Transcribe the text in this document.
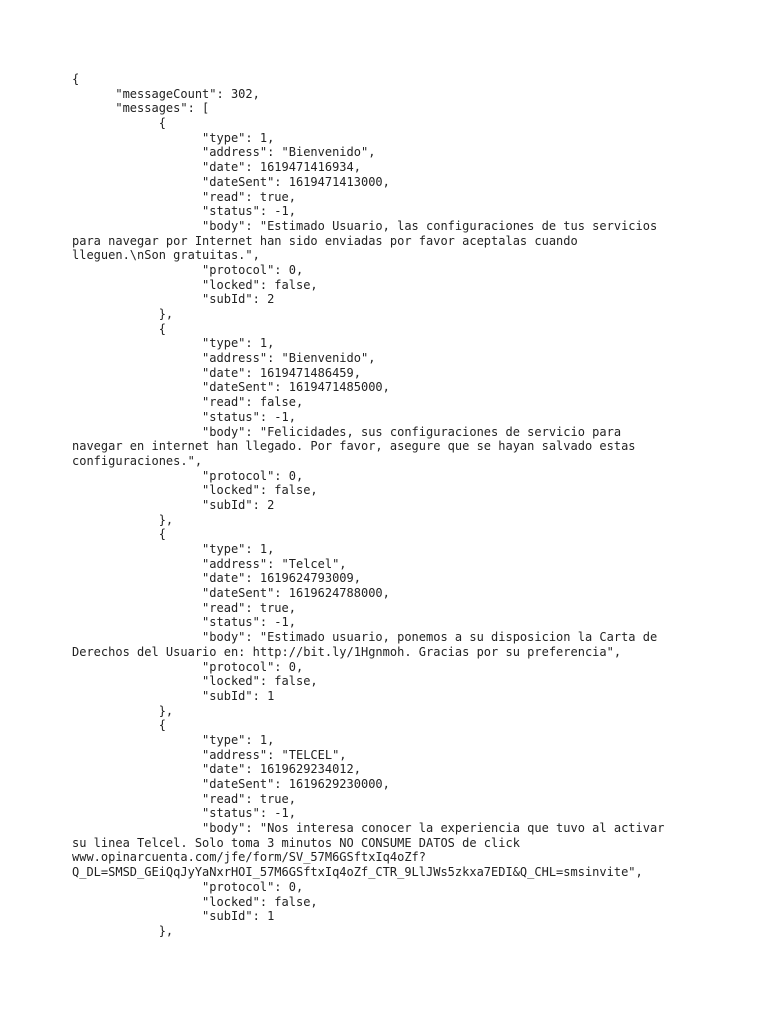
{
"messageCount": 302,
"messages": [
{
"type": 1,
"address": "Bienvenido",
"date": 1619471416934,
"dateSent": 1619471413000,
"read": true,
"status": -1,
"body": "Estimado Usuario, las configuraciones de tus servicios
para navegar por Internet han sido enviadas por favor aceptalas cuando
lleguen.\nSon gratuitas.",
"protocol": 0,
"locked": false,
"subId": 2
},
{
"type": 1,
"address": "Bienvenido",
"date": 1619471486459,
"dateSent": 1619471485000,
"read": false,
"status": -1,
"body": "Felicidades, sus configuraciones de servicio para
navegar en internet han llegado. Por favor, asegure que se hayan salvado estas
configuraciones.",
"protocol": 0,
"locked": false,
"subId": 2
},
{
"type": 1,
"address": "Telcel",
"date": 1619624793009,
"dateSent": 1619624788000,
"read": true,
"status": -1,
"body": "Estimado usuario, ponemos a su disposicion la Carta de
Derechos del Usuario en: http://bit.ly/1Hgnmoh. Gracias por su preferencia",
"protocol": 0,
"locked": false,
"subId": 1
},
{
"type": 1,
"address": "TELCEL",
"date": 1619629234012,
"dateSent": 1619629230000,
"read": true,
"status": -1,
"body": "Nos interesa conocer la experiencia que tuvo al activar
su linea Telcel. Solo toma 3 minutos NO CONSUME DATOS de click
www.opinarcuenta.com/jfe/form/SV_57M6GSftxIq4oZf?
Q_DL=SMSD_GEiQqJyYaNxrHOI_57M6GSftxIq4oZf_CTR_9LlJWs5zkxa7EDI&Q_CHL=smsinvite",
"protocol": 0,
"locked": false,
"subId": 1
},
